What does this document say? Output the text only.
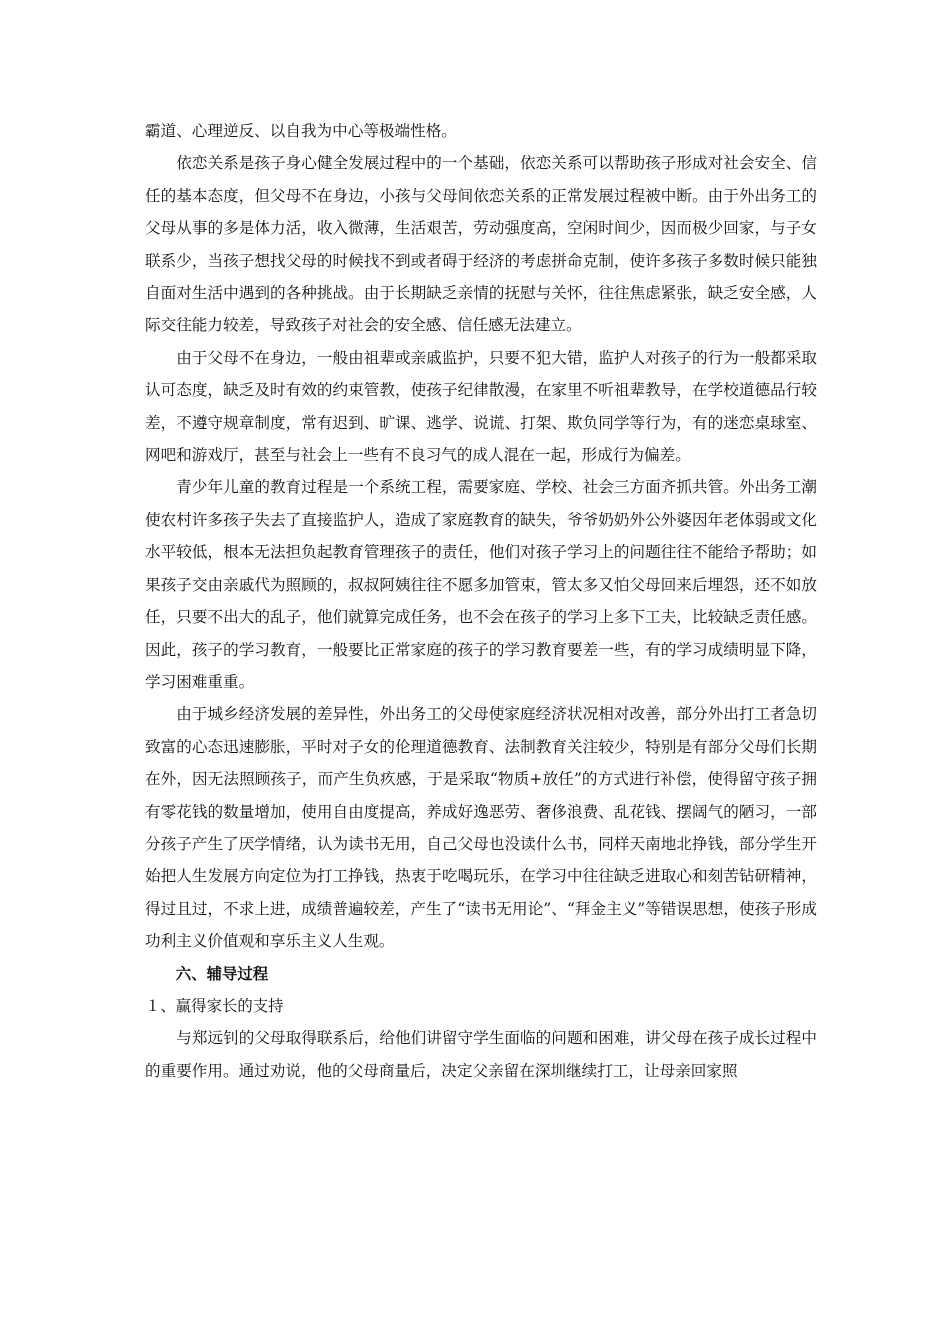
霸道、心理逆反、以自我为中心等极端性格。

依恋关系是孩子身心健全发展过程中的一个基础，依恋关系可以帮助孩子形成对社会安全、信任的基本态度，但父母不在身边，小孩与父母间依恋关系的正常发展过程被中断。由于外出务工的父母从事的多是体力活，收入微薄，生活艰苦，劳动强度高，空闲时间少，因而极少回家，与子女联系少，当孩子想找父母的时候找不到或者碍于经济的考虑拼命克制，使许多孩子多数时候只能独自面对生活中遇到的各种挑战。由于长期缺乏亲情的抚慰与关怀，往往焦虑紧张，缺乏安全感，人际交往能力较差，导致孩子对社会的安全感、信任感无法建立。

由于父母不在身边，一般由祖辈或亲戚监护，只要不犯大错，监护人对孩子的行为一般都采取认可态度，缺乏及时有效的约束管教，使孩子纪律散漫，在家里不听祖辈教导，在学校道德品行较差，不遵守规章制度，常有迟到、旷课、逃学、说谎、打架、欺负同学等行为，有的迷恋桌球室、网吧和游戏厅，甚至与社会上一些有不良习气的成人混在一起，形成行为偏差。

青少年儿童的教育过程是一个系统工程，需要家庭、学校、社会三方面齐抓共管。外出务工潮使农村许多孩子失去了直接监护人，造成了家庭教育的缺失，爷爷奶奶外公外婆因年老体弱或文化水平较低，根本无法担负起教育管理孩子的责任，他们对孩子学习上的问题往往不能给予帮助；如果孩子交由亲戚代为照顾的，叔叔阿姨往往不愿多加管束，管太多又怕父母回来后埋怨，还不如放任，只要不出大的乱子，他们就算完成任务，也不会在孩子的学习上多下工夫，比较缺乏责任感。因此，孩子的学习教育，一般要比正常家庭的孩子的学习教育要差一些，有的学习成绩明显下降，学习困难重重。

由于城乡经济发展的差异性，外出务工的父母使家庭经济状况相对改善，部分外出打工者急切致富的心态迅速膨胀，平时对子女的伦理道德教育、法制教育关注较少，特别是有部分父母们长期在外，因无法照顾孩子，而产生负疚感，于是采取“物质+放任”的方式进行补偿，使得留守孩子拥有零花钱的数量增加，使用自由度提高，养成好逸恶劳、奢侈浪费、乱花钱、摆阔气的陋习，一部分孩子产生了厌学情绪，认为读书无用，自己父母也没读什么书，同样天南地北挣钱，部分学生开始把人生发展方向定位为打工挣钱，热衷于吃喝玩乐，在学习中往往缺乏进取心和刻苦钻研精神，得过且过，不求上进，成绩普遍较差，产生了“读书无用论”、“拜金主义”等错误思想，使孩子形成功利主义价值观和享乐主义人生观。

六、辅导过程

１、赢得家长的支持

与郑远钊的父母取得联系后，给他们讲留守学生面临的问题和困难，讲父母在孩子成长过程中的重要作用。通过劝说，他的父母商量后，决定父亲留在深圳继续打工，让母亲回家照
